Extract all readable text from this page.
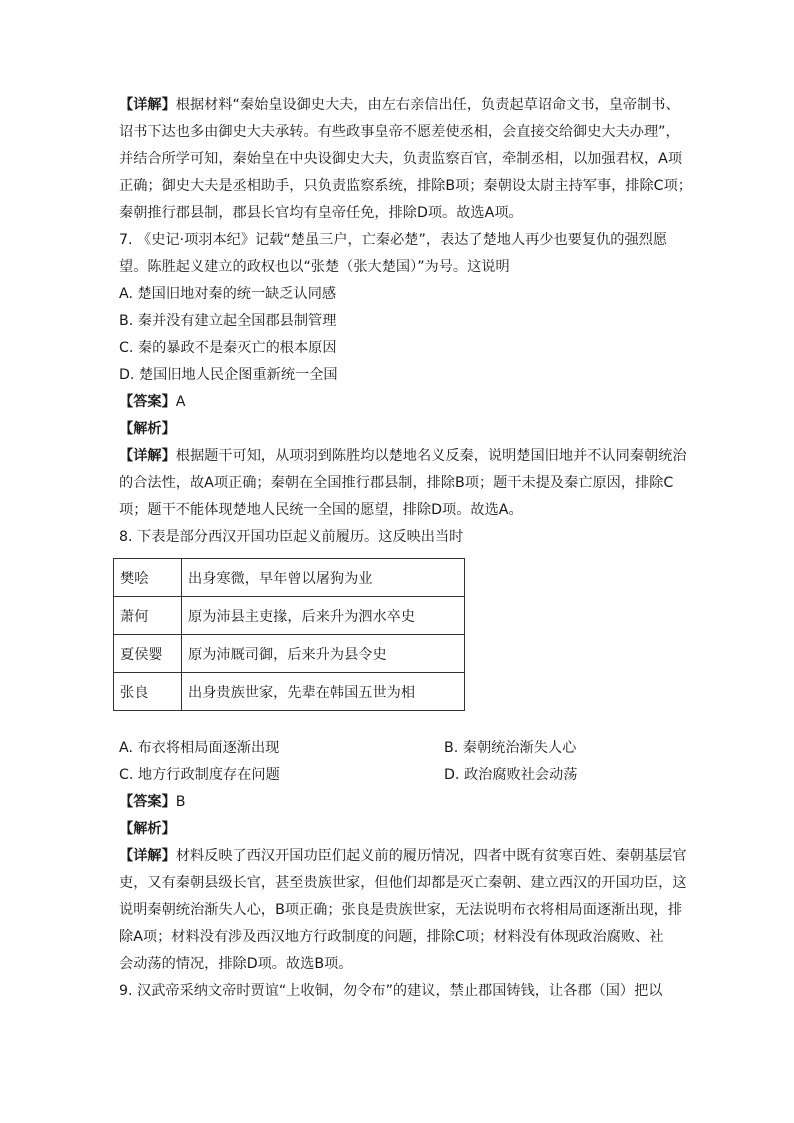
【详解】根据材料“秦始皇设御史大夫，由左右亲信出任，负责起草诏命文书，皇帝制书、
诏书下达也多由御史大夫承转。有些政事皇帝不愿差使丞相，会直接交给御史大夫办理”，
并结合所学可知，秦始皇在中央设御史大夫，负责监察百官，牵制丞相，以加强君权，A项
正确；御史大夫是丞相助手，只负责监察系统，排除B项；秦朝设太尉主持军事，排除C项；
秦朝推行郡县制，郡县长官均有皇帝任免，排除D项。故选A项。
7. 《史记·项羽本纪》记载“楚虽三户，亡秦必楚”，表达了楚地人再少也要复仇的强烈愿
望。陈胜起义建立的政权也以“张楚（张大楚国）”为号。这说明
A. 楚国旧地对秦的统一缺乏认同感
B. 秦并没有建立起全国郡县制管理
C. 秦的暴政不是秦灭亡的根本原因
D. 楚国旧地人民企图重新统一全国
【答案】A
【解析】
【详解】根据题干可知，从项羽到陈胜均以楚地名义反秦，说明楚国旧地并不认同秦朝统治
的合法性，故A项正确；秦朝在全国推行郡县制，排除B项；题干未提及秦亡原因，排除C
项；题干不能体现楚地人民统一全国的愿望，排除D项。故选A。
8. 下表是部分西汉开国功臣起义前履历。这反映出当时
樊哙	出身寒微，早年曾以屠狗为业
萧何	原为沛县主吏掾，后来升为泗水卒史
夏侯婴	原为沛厩司御，后来升为县令史
张良	出身贵族世家，先辈在韩国五世为相
A. 布衣将相局面逐渐出现	B. 秦朝统治渐失人心
C. 地方行政制度存在问题	D. 政治腐败社会动荡
【答案】B
【解析】
【详解】材料反映了西汉开国功臣们起义前的履历情况，四者中既有贫寒百姓、秦朝基层官
吏，又有秦朝县级长官，甚至贵族世家，但他们却都是灭亡秦朝、建立西汉的开国功臣，这
说明秦朝统治渐失人心，B项正确；张良是贵族世家，无法说明布衣将相局面逐渐出现，排
除A项；材料没有涉及西汉地方行政制度的问题，排除C项；材料没有体现政治腐败、社
会动荡的情况，排除D项。故选B项。
9. 汉武帝采纳文帝时贾谊“上收铜，勿令布”的建议，禁止郡国铸钱，让各郡（国）把以
